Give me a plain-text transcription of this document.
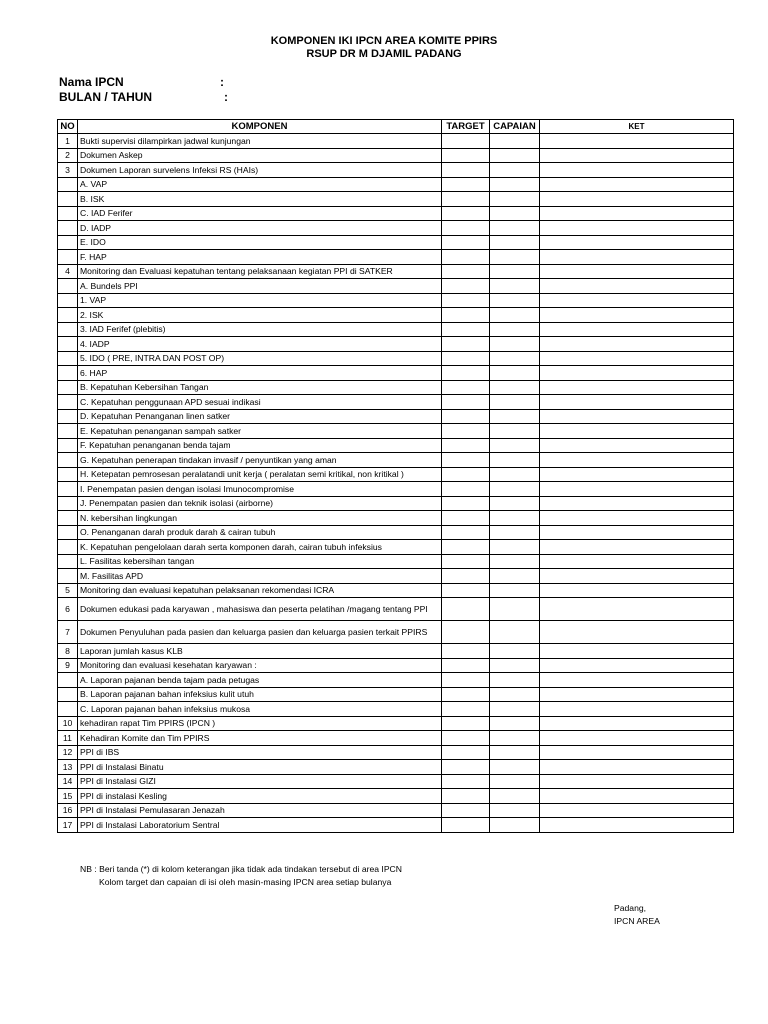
KOMPONEN IKI IPCN AREA KOMITE PPIRS
RSUP DR M DJAMIL PADANG
Nama IPCN	:
BULAN / TAHUN	:
NO	KOMPONEN	TARGET	CAPAIAN	KET
1	Bukti supervisi dilampirkan jadwal kunjungan			
2	Dokumen Askep			
3	Dokumen Laporan survelens Infeksi RS (HAIs)			
	A. VAP			
	B. ISK			
	C. IAD Ferifer			
	D. IADP			
	E. IDO			
	F. HAP			
4	Monitoring dan Evaluasi kepatuhan tentang pelaksanaan kegiatan PPI di SATKER			
	A. Bundels PPI			
	1. VAP			
	2. ISK			
	3. IAD Ferifef (plebitis)			
	4. IADP			
	5. IDO ( PRE, INTRA DAN POST OP)			
	6. HAP			
	B. Kepatuhan Kebersihan Tangan			
	C. Kepatuhan penggunaan APD sesuai indikasi			
	D. Kepatuhan Penanganan linen satker			
	E. Kepatuhan penanganan sampah satker			
	F. Kepatuhan penanganan benda tajam			
	G. Kepatuhan penerapan tindakan invasif / penyuntikan yang aman			
	H. Ketepatan pemrosesan peralatandi unit kerja ( peralatan semi kritikal, non kritikal )			
	I. Penempatan pasien dengan isolasi Imunocompromise			
	J. Penempatan pasien dan teknik isolasi (airborne)			
	N. kebersihan lingkungan			
	O. Penanganan darah produk darah & cairan tubuh			
	K. Kepatuhan pengelolaan darah serta komponen darah, cairan tubuh infeksius			
	L. Fasilitas kebersihan tangan			
	M. Fasilitas APD			
5	Monitoring dan evaluasi kepatuhan pelaksanan rekomendasi ICRA			
6	Dokumen edukasi pada karyawan , mahasiswa dan peserta pelatihan /magang tentang PPI			
7	Dokumen Penyuluhan pada pasien dan keluarga pasien dan keluarga pasien terkait PPIRS			
8	Laporan jumlah kasus KLB			
9	Monitoring dan evaluasi kesehatan karyawan :			
	A. Laporan pajanan benda tajam pada petugas			
	B. Laporan pajanan bahan infeksius kulit utuh			
	C. Laporan pajanan bahan infeksius mukosa			
10	kehadiran rapat Tim PPIRS (IPCN )			
11	Kehadiran Komite dan Tim PPIRS			
12	PPI di IBS			
13	PPI di Instalasi Binatu			
14	PPI di Instalasi GIZI			
15	PPI di instalasi Kesling			
16	PPI di Instalasi Pemulasaran Jenazah			
17	PPI di Instalasi Laboratorium Sentral			
NB : Beri tanda (*) di kolom keterangan jika tidak ada tindakan tersebut di area IPCN
Kolom target dan capaian di isi oleh masin-masing IPCN area setiap bulanya
Padang,
IPCN AREA
